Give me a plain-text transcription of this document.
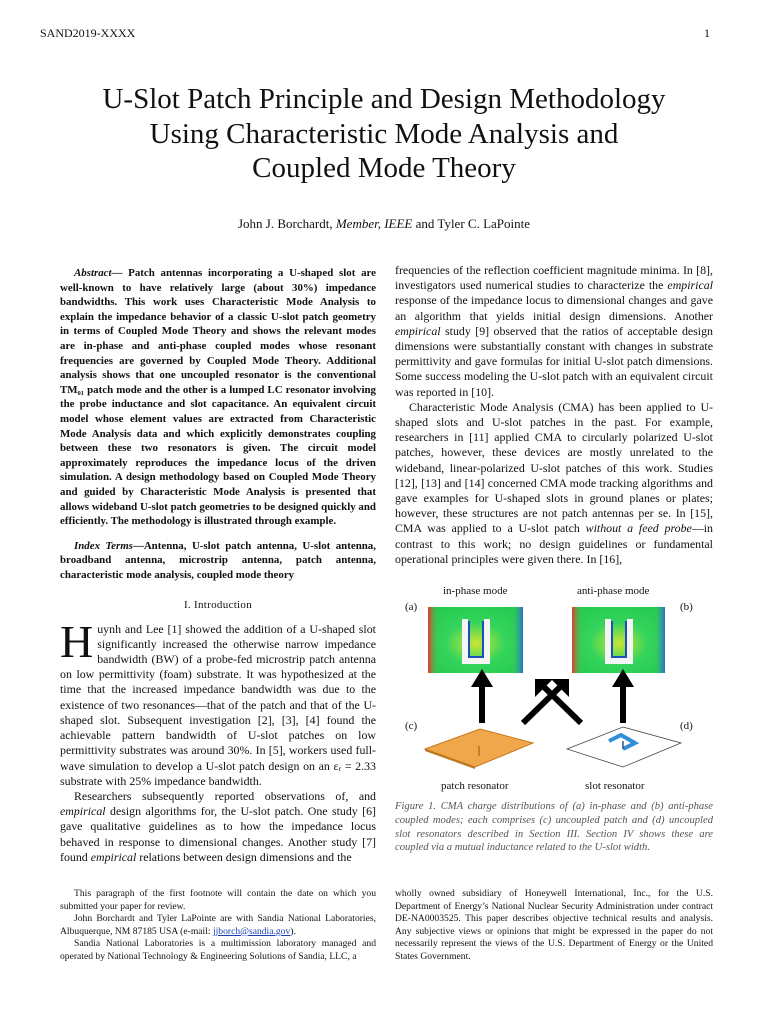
SAND2019-XXXX	1
U-Slot Patch Principle and Design Methodology
Using Characteristic Mode Analysis and
Coupled Mode Theory
John J. Borchardt, Member, IEEE and Tyler C. LaPointe

Abstract— Patch antennas incorporating a U-shaped slot are well-known to have relatively large (about 30%) impedance bandwidths. This work uses Characteristic Mode Analysis to explain the impedance behavior of a classic U-slot patch geometry in terms of Coupled Mode Theory and shows the relevant modes are in-phase and anti-phase coupled modes whose resonant frequencies are governed by Coupled Mode Theory. Additional analysis shows that one uncoupled resonator is the conventional TM₀₁ patch mode and the other is a lumped LC resonator involving the probe inductance and slot capacitance. An equivalent circuit model whose element values are extracted from Characteristic Mode Analysis data and which explicitly demonstrates coupling between these two resonators is given. The circuit model approximately reproduces the impedance locus of the driven simulation. A design methodology based on Coupled Mode Theory and guided by Characteristic Mode Analysis is presented that allows wideband U-slot patch geometries to be designed quickly and efficiently. The methodology is illustrated through example.

Index Terms—Antenna, U-slot patch antenna, U-slot antenna, broadband antenna, microstrip antenna, patch antenna, characteristic mode analysis, coupled mode theory

I. Introduction

Huynh and Lee [1] showed the addition of a U-shaped slot significantly increased the otherwise narrow impedance bandwidth (BW) of a probe-fed microstrip patch antenna on low permittivity (foam) substrate. It was hypothesized at the time that the increased impedance bandwidth was due to the existence of two resonances—that of the patch and that of the U-shaped slot. Subsequent investigation [2], [3], [4] found the achievable pattern bandwidth of U-slot patches on low permittivity substrates was around 30%. In [5], workers used full-wave simulation to develop a U-slot patch design on an εᵣ = 2.33 substrate with 25% impedance bandwidth.

Researchers subsequently reported observations of, and empirical design algorithms for, the U-slot patch. One study [6] gave qualitative guidelines as to how the impedance locus behaved in response to dimensional changes. Another study [7] found empirical relations between design dimensions and the

frequencies of the reflection coefficient magnitude minima. In [8], investigators used numerical studies to characterize the empirical response of the impedance locus to dimensional changes and gave an algorithm that yields initial design dimensions. Another empirical study [9] observed that the ratios of acceptable design dimensions were substantially constant with changes in substrate permittivity and gave formulas for initial U-slot patch dimensions. Some success modeling the U-slot patch with an equivalent circuit was reported in [10].

Characteristic Mode Analysis (CMA) has been applied to U-shaped slots and U-slot patches in the past. For example, researchers in [11] applied CMA to circularly polarized U-slot patches, however, these devices are mostly unrelated to the wideband, linear-polarized U-slot patches of this work. Studies [12], [13] and [14] concerned CMA mode tracking algorithms and gave examples for U-shaped slots in ground planes or plates; however, these structures are not patch antennas per se. In [15], CMA was applied to a U-slot patch without a feed probe—in contrast to this work; no design guidelines or fundamental operational principles were given there. In [16],

in-phase mode	anti-phase mode
(a)	(b)
(c)	(d)
patch resonator	slot resonator
Figure 1. CMA charge distributions of (a) in-phase and (b) anti-phase coupled modes; each comprises (c) uncoupled patch and (d) uncoupled slot resonators described in Section III. Section IV shows these are coupled via a mutual inductance related to the U-slot width.

This paragraph of the first footnote will contain the date on which you submitted your paper for review.

John Borchardt and Tyler LaPointe are with Sandia National Laboratories, Albuquerque, NM 87185 USA (e-mail: jjborch@sandia.gov).

Sandia National Laboratories is a multimission laboratory managed and operated by National Technology & Engineering Solutions of Sandia, LLC, a

wholly owned subsidiary of Honeywell International, Inc., for the U.S. Department of Energy’s National Nuclear Security Administration under contract DE-NA0003525. This paper describes objective technical results and analysis. Any subjective views or opinions that might be expressed in the paper do not necessarily represent the views of the U.S. Department of Energy or the United States Government.
